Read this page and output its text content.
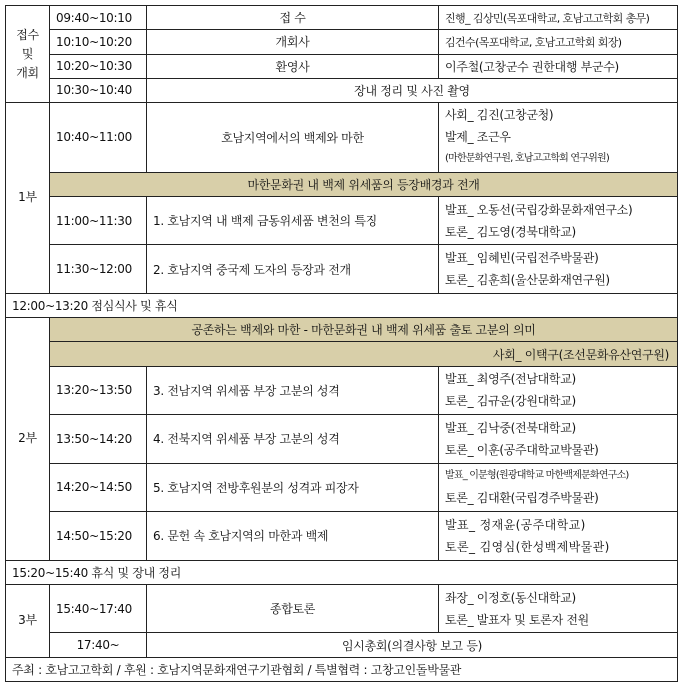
접수
및
개회	09:40~10:10	접 수	진행_ 김상민(목포대학교, 호남고고학회 총무)
	10:10~10:20	개회사	김건수(목포대학교, 호남고고학회 회장)
	10:20~10:30	환영사	이주철(고창군수 권한대행 부군수)
	10:30~10:40	장내 정리 및 사진 촬영	
1부	10:40~11:00	호남지역에서의 백제와 마한	사회_ 김진(고창군청)
발제_ 조근우
(마한문화연구원, 호남고고학회 연구위원)

	마한문화권 내 백제 위세품의 등장배경과 전개		
	11:00~11:30	1. 호남지역 내 백제 금동위세품 변천의 특징	발표_ 오동선(국립강화문화재연구소)
토론_ 김도영(경북대학교)

	11:30~12:00	2. 호남지역 중국제 도자의 등장과 전개	발표_ 임혜빈(국립전주박물관)
토론_ 김훈희(울산문화재연구원)

12:00~13:20 점심식사 및 휴식			
2부	공존하는 백제와 마한 - 마한문화권 내 백제 위세품 출토 고분의 의미		
	사회_ 이택구(조선문화유산연구원)		
	13:20~13:50	3. 전남지역 위세품 부장 고분의 성격	발표_ 최영주(전남대학교)
토론_ 김규운(강원대학교)

	13:50~14:20	4. 전북지역 위세품 부장 고분의 성격	발표_ 김낙중(전북대학교)
토론_ 이훈(공주대학교박물관)

	14:20~14:50	5. 호남지역 전방후원분의 성격과 피장자	발표_ 이문형(원광대학교 마한백제문화연구소)
토론_ 김대환(국립경주박물관)

	14:50~15:20	6. 문헌 속 호남지역의 마한과 백제	발표_ 정재윤(공주대학교)
토론_ 김영심(한성백제박물관)

15:20~15:40 휴식 및 장내 정리			
3부	15:40~17:40	종합토론	좌장_ 이정호(동신대학교)
토론_ 발표자 및 토론자 전원

	17:40~	임시총회(의결사항 보고 등)	
주최 : 호남고고학회 / 후원 : 호남지역문화재연구기관협회 / 특별협력 : 고창고인돌박물관			
